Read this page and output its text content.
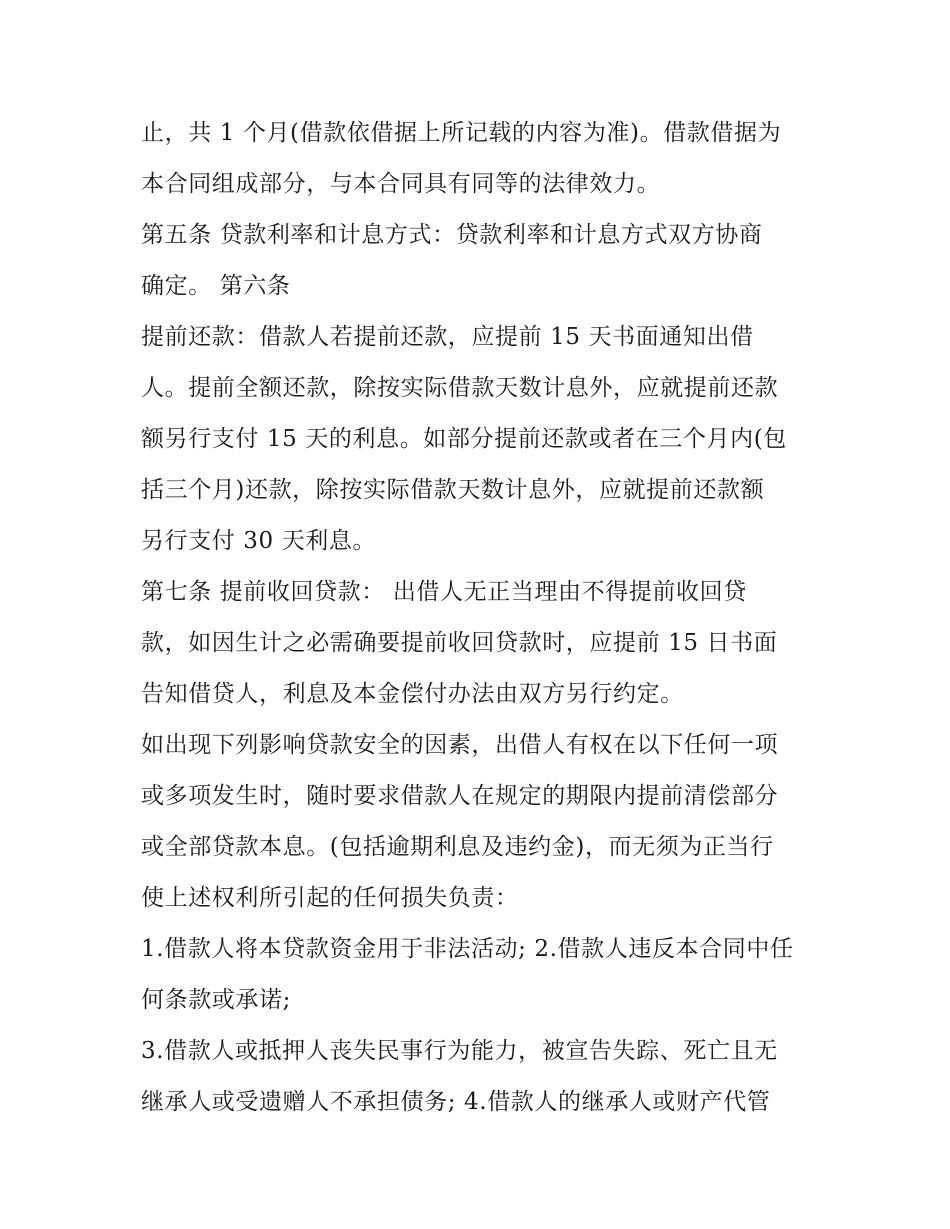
止，共 1 个月(借款依借据上所记载的内容为准)。借款借据为
本合同组成部分，与本合同具有同等的法律效力。
第五条 贷款利率和计息方式：贷款利率和计息方式双方协商
确定。 第六条
提前还款：借款人若提前还款，应提前 15 天书面通知出借
人。提前全额还款，除按实际借款天数计息外，应就提前还款
额另行支付 15 天的利息。如部分提前还款或者在三个月内(包
括三个月)还款，除按实际借款天数计息外，应就提前还款额
另行支付 30 天利息。
第七条 提前收回贷款： 出借人无正当理由不得提前收回贷
款，如因生计之必需确要提前收回贷款时，应提前 15 日书面
告知借贷人，利息及本金偿付办法由双方另行约定。
如出现下列影响贷款安全的因素，出借人有权在以下任何一项
或多项发生时，随时要求借款人在规定的期限内提前清偿部分
或全部贷款本息。(包括逾期利息及违约金)，而无须为正当行
使上述权利所引起的任何损失负责：
1.借款人将本贷款资金用于非法活动; 2.借款人违反本合同中任
何条款或承诺;
3.借款人或抵押人丧失民事行为能力，被宣告失踪、死亡且无
继承人或受遗赠人不承担债务; 4.借款人的继承人或财产代管
